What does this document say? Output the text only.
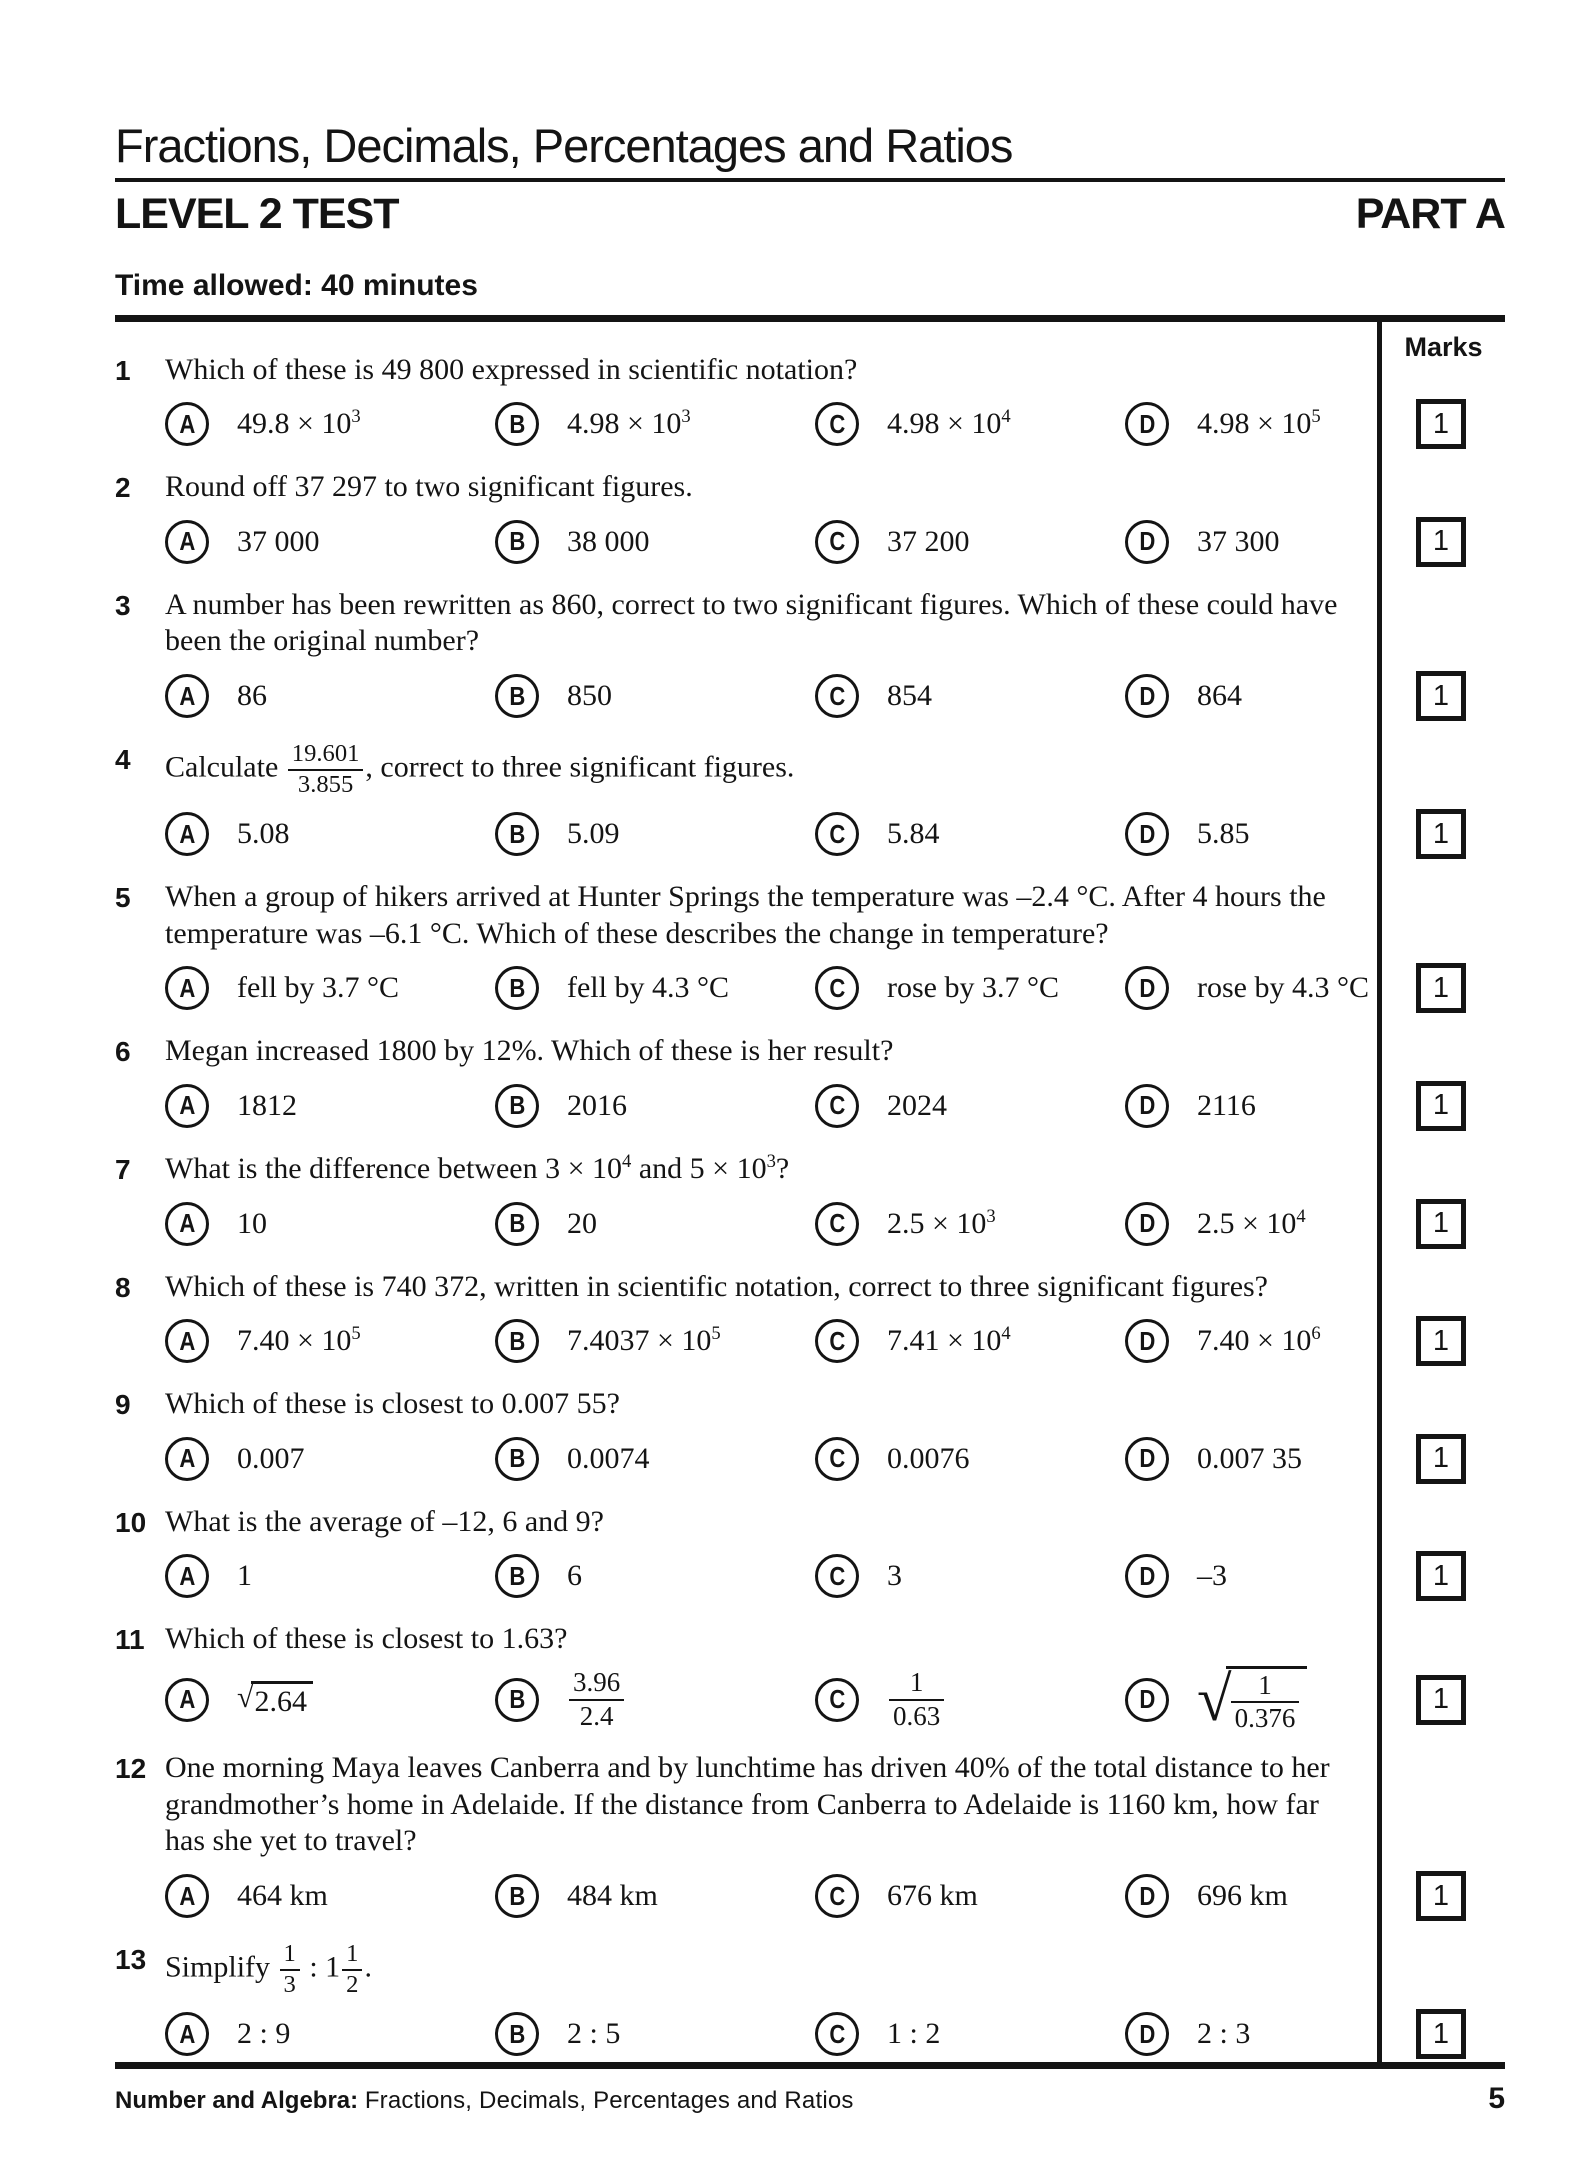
Fractions, Decimals, Percentages and Ratios
LEVEL 2 TEST	PART A
Time allowed: 40 minutes
Marks
1	Which of these is 49 800 expressed in scientific notation?
A $49.8 \times 10^3$	B $4.98 \times 10^3$	C $4.98 \times 10^4$	D $4.98 \times 10^5$	1
2	Round off 37 297 to two significant figures.
A 37 000	B 38 000	C 37 200	D 37 300	1
3	A number has been rewritten as 860, correct to two significant figures. Which of these could have been the original number?
A 86	B 850	C 854	D 864	1
4	Calculate $\frac{19.601}{3.855}$ , correct to three significant figures.
A 5.08	B 5.09	C 5.84	D 5.85	1
5	When a group of hikers arrived at Hunter Springs the temperature was –2.4 °C. After 4 hours the temperature was –6.1 °C. Which of these describes the change in temperature?
A fell by 3.7 °C	B fell by 4.3 °C	C rose by 3.7 °C	D rose by 4.3 °C	1
6	Megan increased 1800 by 12%. Which of these is her result?
A 1812	B 2016	C 2024	D 2116	1
7	What is the difference between $3 \times 10^4$ and $5 \times 10^3$?
A 10	B 20	C $2.5 \times 10^3$	D $2.5 \times 10^4$	1
8	Which of these is 740 372, written in scientific notation, correct to three significant figures?
A $7.40 \times 10^5$	B $7.4037 \times 10^5$	C $7.41 \times 10^4$	D $7.40 \times 10^6$	1
9	Which of these is closest to 0.007 55?
A 0.007	B 0.0074	C 0.0076	D 0.007 35	1
10 What is the average of –12, 6 and 9?
A 1	B 6	C 3	D –3	1
11 Which of these is closest to 1.63?
A √2.64	B $\frac{3.96}{2.4}$	C $\frac{1}{0.63}$	D √ $\frac{1}{0.376}$	1
12 One morning Maya leaves Canberra and by lunchtime has driven 40% of the total distance to her grandmother’s home in Adelaide. If the distance from Canberra to Adelaide is 1160 km, how far has she yet to travel?
A 464 km	B 484 km	C 676 km	D 696 km	1
13 Simplify $\frac{1}{3}$ : $1 \frac{1}{2}$ .
A 2 : 9	B 2 : 5	C 1 : 2	D 2 : 3	1
Number and Algebra: Fractions, Decimals, Percentages and Ratios	5
